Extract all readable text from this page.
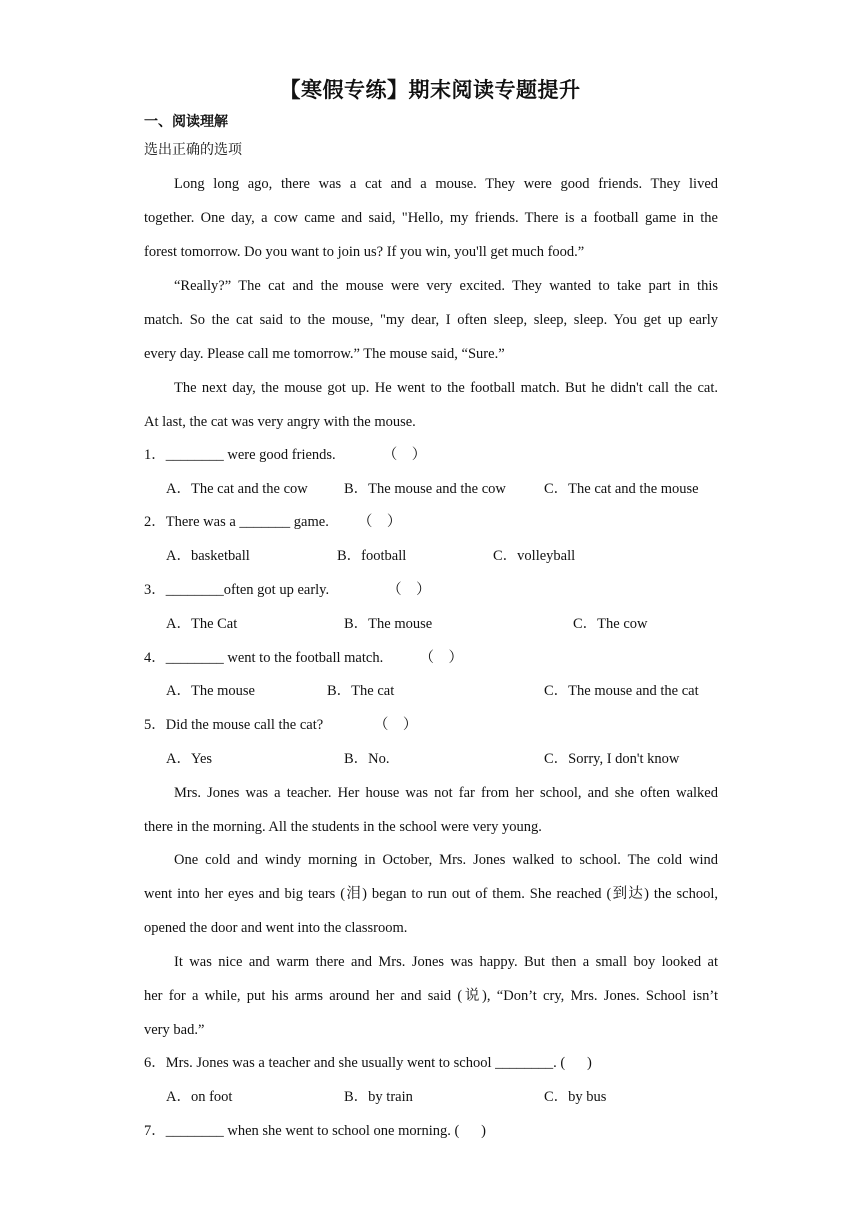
【寒假专练】期末阅读专题提升
一、阅读理解
选出正确的选项
Long long ago, there was a cat and a mouse. They were good friends. They lived
together. One day, a cow came and said, "Hello, my friends. There is a football game in the
forest tomorrow. Do you want to join us? If you win, you'll get much food.”
“Really?” The cat and the mouse were very excited. They wanted to take part in this
match. So the cat said to the mouse, "my dear, I often sleep, sleep, sleep. You get up early
every day. Please call me tomorrow.” The mouse said, “Sure.”
The next day, the mouse got up. He went to the football match. But he didn't call the cat.
At last, the cat was very angry with the mouse.
1．________ were good friends.             （    ）
A．The cat and the cow	B．The mouse and the cow	C．The cat and the mouse
2．There was a _______ game.        （    ）
A．basketball	B．football	C．volleyball
3．________often got up early.                （    ）
A．The Cat	B．The mouse	C．The cow
4．________ went to the football match.          （    ）
A．The mouse	B．The cat	C．The mouse and the cat
5．Did the mouse call the cat?              （    ）
A．Yes	B．No.	C．Sorry, I don't know
Mrs. Jones was a teacher. Her house was not far from her school, and she often walked
there in the morning. All the students in the school were very young.
One cold and windy morning in October, Mrs. Jones walked to school. The cold wind
went into her eyes and big tears (泪) began to run out of them. She reached (到达) the school,
opened the door and went into the classroom.
It was nice and warm there and Mrs. Jones was happy. But then a small boy looked at
her for a while, put his arms around her and said (说), “Don’t cry, Mrs. Jones. School isn’t
very bad.”
6．Mrs. Jones was a teacher and she usually went to school ________. (      )
A．on foot	B．by train	C．by bus
7．________ when she went to school one morning. (      )
